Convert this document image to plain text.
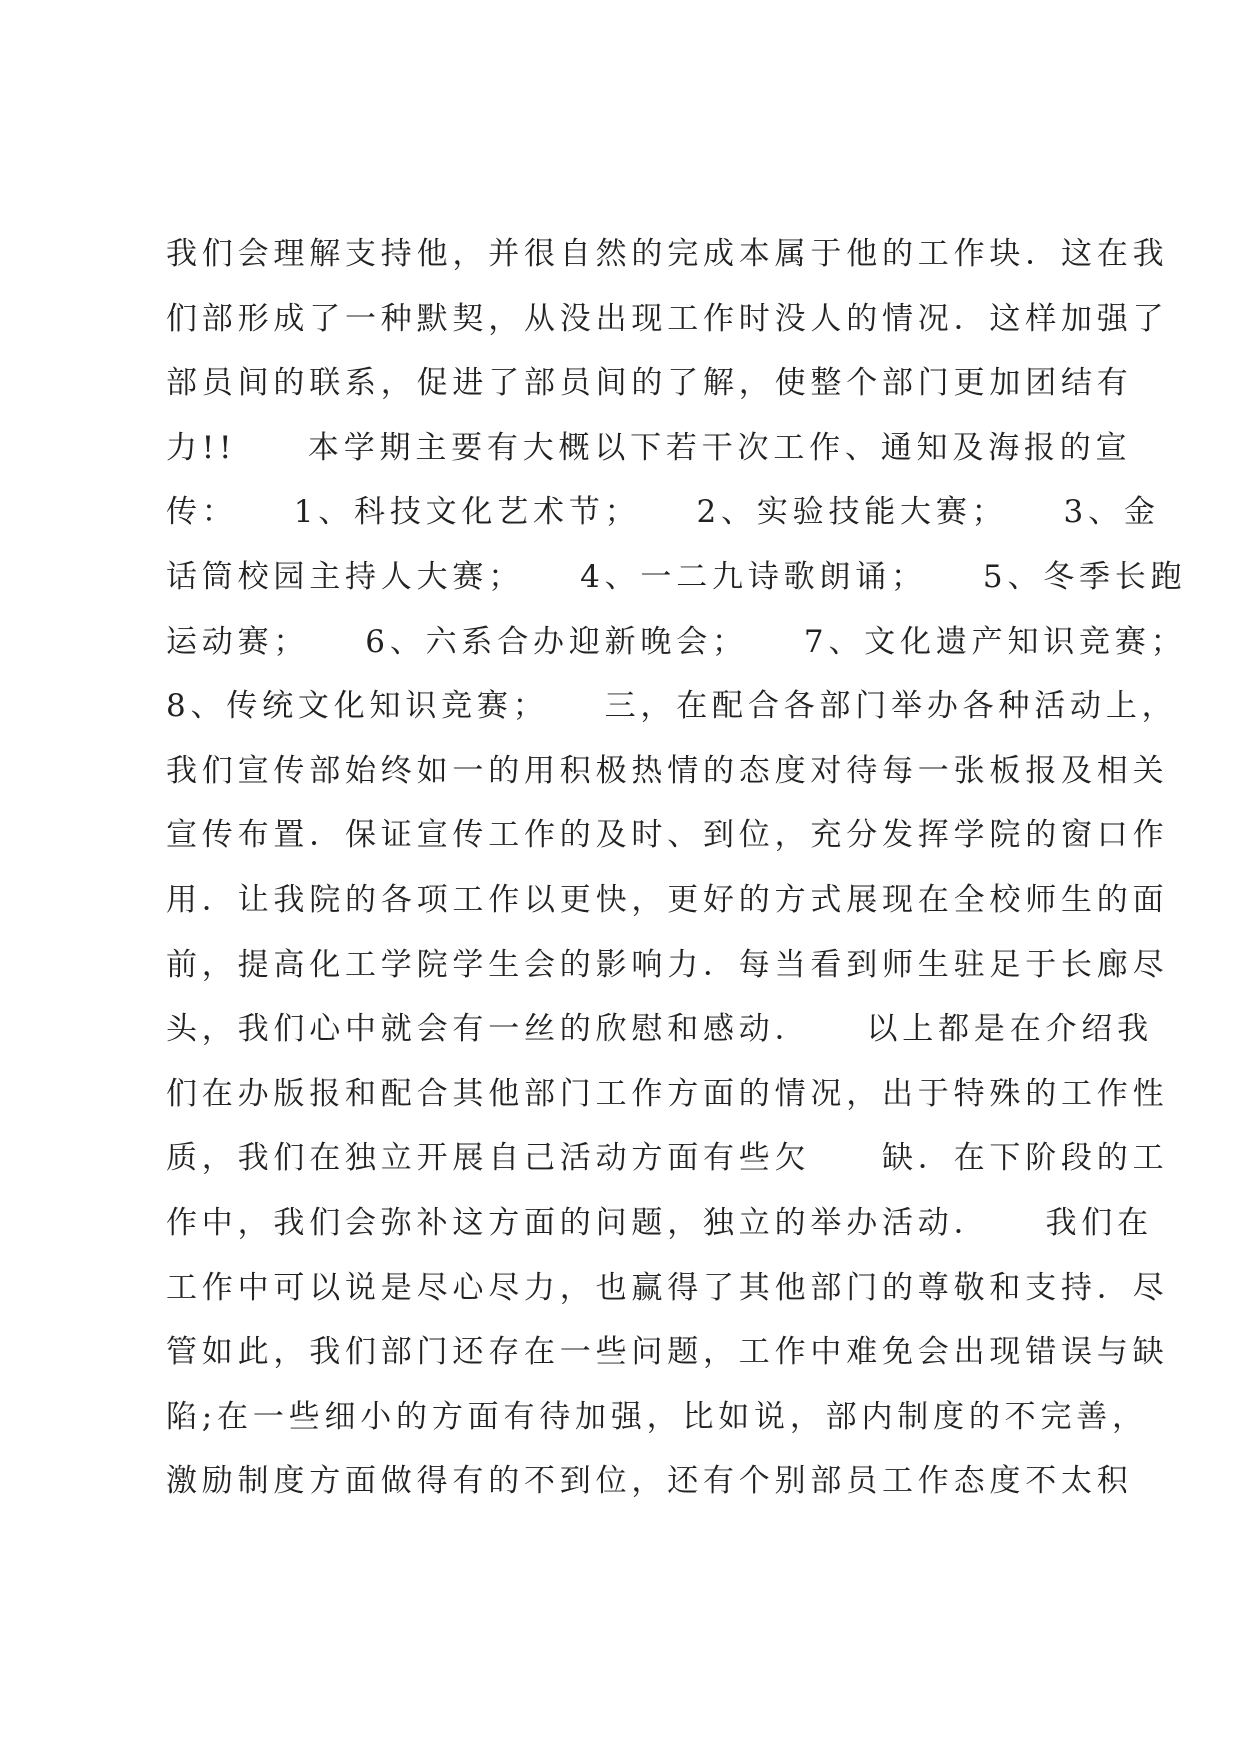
我们会理解支持他，并很自然的完成本属于他的工作块．这在我
们部形成了一种默契，从没出现工作时没人的情况．这样加强了
部员间的联系，促进了部员间的了解，使整个部门更加团结有
力!!　　本学期主要有大概以下若干次工作、通知及海报的宣
传：　　1、科技文化艺术节；　　2、实验技能大赛；　　3、金
话筒校园主持人大赛；　　4、一二九诗歌朗诵；　　5、冬季长跑
运动赛；　　6、六系合办迎新晚会；　　7、文化遗产知识竞赛；
8、传统文化知识竞赛；　　三，在配合各部门举办各种活动上，
我们宣传部始终如一的用积极热情的态度对待每一张板报及相关
宣传布置．保证宣传工作的及时、到位，充分发挥学院的窗口作
用．让我院的各项工作以更快，更好的方式展现在全校师生的面
前，提高化工学院学生会的影响力．每当看到师生驻足于长廊尽
头，我们心中就会有一丝的欣慰和感动．　　以上都是在介绍我
们在办版报和配合其他部门工作方面的情况，出于特殊的工作性
质，我们在独立开展自己活动方面有些欠　　缺．在下阶段的工
作中，我们会弥补这方面的问题，独立的举办活动．　　我们在
工作中可以说是尽心尽力，也赢得了其他部门的尊敬和支持．尽
管如此，我们部门还存在一些问题，工作中难免会出现错误与缺
陷;在一些细小的方面有待加强，比如说，部内制度的不完善，
激励制度方面做得有的不到位，还有个别部员工作态度不太积
